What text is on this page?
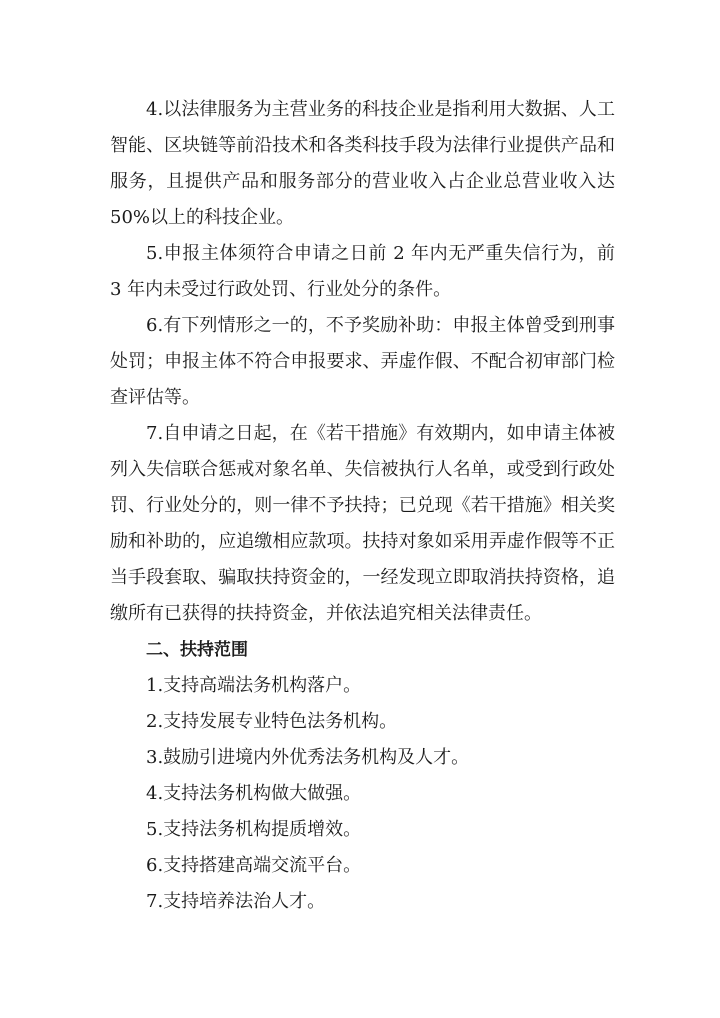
4.以法律服务为主营业务的科技企业是指利用大数据、人工智能、区块链等前沿技术和各类科技手段为法律行业提供产品和服务，且提供产品和服务部分的营业收入占企业总营业收入达 50%以上的科技企业。

5.申报主体须符合申请之日前 2 年内无严重失信行为，前 3 年内未受过行政处罚、行业处分的条件。

6.有下列情形之一的，不予奖励补助：申报主体曾受到刑事处罚；申报主体不符合申报要求、弄虚作假、不配合初审部门检查评估等。

7.自申请之日起，在《若干措施》有效期内，如申请主体被列入失信联合惩戒对象名单、失信被执行人名单，或受到行政处罚、行业处分的，则一律不予扶持；已兑现《若干措施》相关奖励和补助的，应追缴相应款项。扶持对象如采用弄虚作假等不正当手段套取、骗取扶持资金的，一经发现立即取消扶持资格，追缴所有已获得的扶持资金，并依法追究相关法律责任。

二、扶持范围

1.支持高端法务机构落户。

2.支持发展专业特色法务机构。

3.鼓励引进境内外优秀法务机构及人才。

4.支持法务机构做大做强。

5.支持法务机构提质增效。

6.支持搭建高端交流平台。

7.支持培养法治人才。
